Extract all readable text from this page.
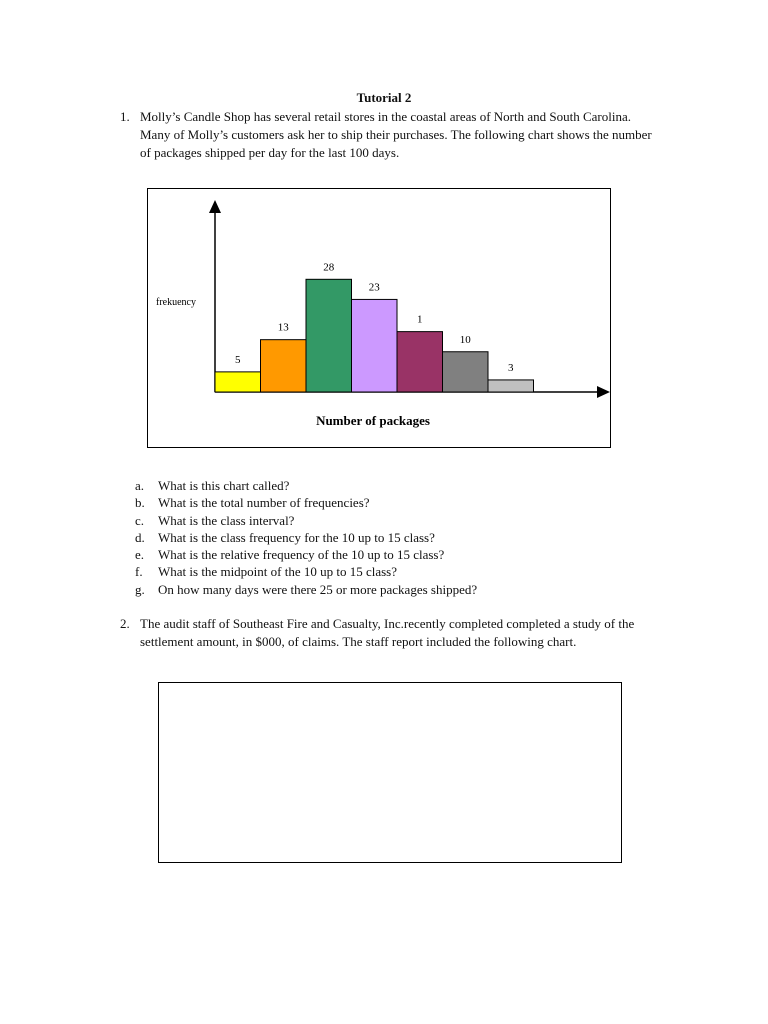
Tutorial 2
1. Molly’s Candle Shop has several retail stores in the coastal areas of North and South Carolina. Many of Molly’s customers ask her to ship their purchases. The following chart shows the number of packages shipped per day for the last 100 days.
frekuency
Number of packages
5
13
28
23
1
10
3
a. What is this chart called?
b. What is the total number of frequencies?
c. What is the class interval?
d. What is the class frequency for the 10 up to 15 class?
e. What is the relative frequency of the 10 up to 15 class?
f. What is the midpoint of the 10 up to 15 class?
g. On how many days were there 25 or more packages shipped?
2. The audit staff of Southeast Fire and Casualty, Inc.recently completed completed a study of the settlement amount, in $000, of claims. The staff report included the following chart.
